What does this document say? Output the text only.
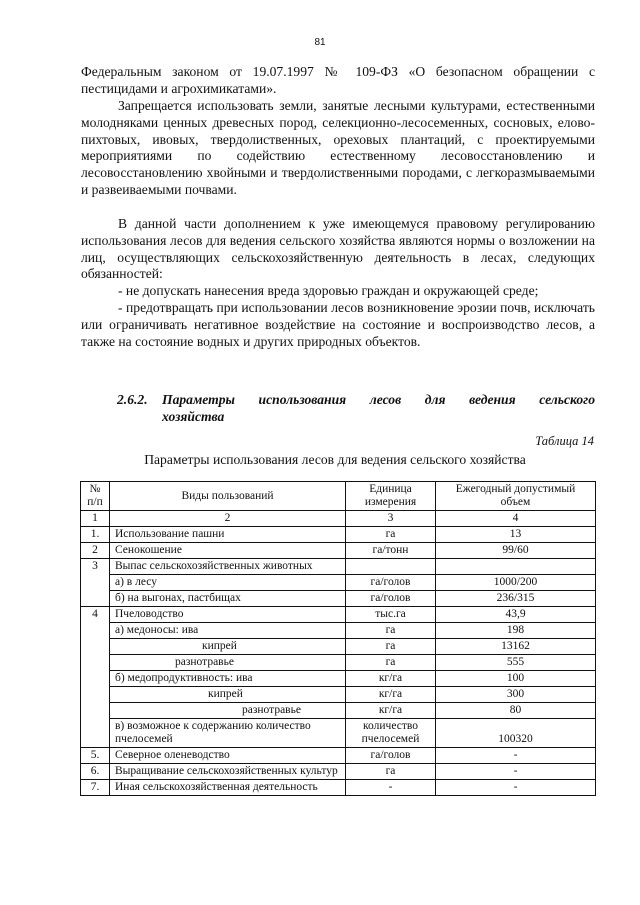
81

Федеральным законом от 19.07.1997 № 109-ФЗ «О безопасном обращении с пестицидами и агрохимикатами».

Запрещается использовать земли, занятые лесными культурами, естественными молодняками ценных древесных пород, селекционно-лесосеменных, сосновых, елово-пихтовых, ивовых, твердолиственных, ореховых плантаций, с проектируемыми мероприятиями по содействию естественному лесовосстановлению и лесовосстановлению хвойными и твердолиственными породами, с легкоразмываемыми и развеиваемыми почвами.

В данной части дополнением к уже имеющемуся правовому регулированию использования лесов для ведения сельского хозяйства являются нормы о возложении на лиц, осуществляющих сельскохозяйственную деятельность в лесах, следующих обязанностей:

- не допускать нанесения вреда здоровью граждан и окружающей среде;

- предотвращать при использовании лесов возникновение эрозии почв, исключать или ограничивать негативное воздействие на состояние и воспроизводство лесов, а также на состояние водных и других природных объектов.

2.6.2. Параметры использования лесов для ведения сельского
хозяйства
Таблица 14
Параметры использования лесов для ведения сельского хозяйства
№ п/п	Виды пользований	Единица измерения	Ежегодный допустимый объем
1	2	3	4
1.	Использование пашни	га	13
2	Сенокошение	га/тонн	99/60
3	Выпас сельскохозяйственных животных		
	а) в лесу	га/голов	1000/200
	б) на выгонах, пастбищах	га/голов	236/315
4	Пчеловодство	тыс.га	43,9
	а) медоносы: ива	га	198
	кипрей	га	13162
	разнотравье	га	555
	б) медопродуктивность: ива	кг/га	100
	кипрей	кг/га	300
	разнотравье	кг/га	80
	в) возможное к содержанию количество пчелосемей	количество пчелосемей	100320
5.	Северное оленеводство	га/голов	-
6.	Выращивание сельскохозяйственных культур	га	-
7.	Иная сельскохозяйственная деятельность	-	-
